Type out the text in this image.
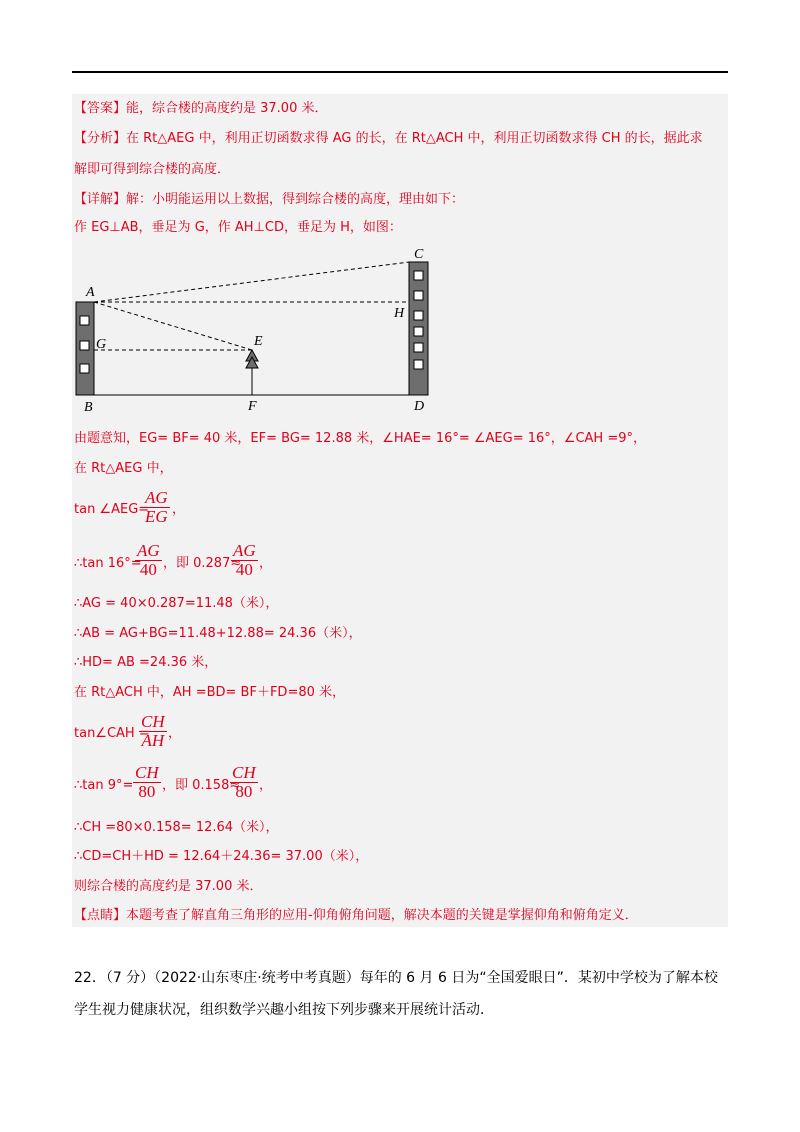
【答案】能，综合楼的高度约是 37.00 米．
【分析】在 Rt△AEG 中，利用正切函数求得 AG 的长，在 Rt△ACH 中，利用正切函数求得 CH 的长，据此求
解即可得到综合楼的高度．
【详解】解：小明能运用以上数据，得到综合楼的高度，理由如下：
作 EG⊥AB，垂足为 G，作 AH⊥CD，垂足为 H，如图：
A
B
C
D
E
F
G
H
由题意知，EG= BF= 40 米，EF= BG= 12.88 米，∠HAE= 16°= ∠AEG= 16°，∠CAH =9°，
在 Rt△AEG 中，
tan ∠AEG=
$\frac{AG}{EG}$ ，
∴tan 16°=
$\frac{AG}{40}$ ，即 0.287≈
$\frac{AG}{40}$ ，
∴AG = 40×0.287=11.48（米），
∴AB = AG+BG=11.48+12.88= 24.36（米），
∴HD= AB =24.36 米，
在 Rt△ACH 中，AH =BD= BF＋FD=80 米，
tan∠CAH =
$\frac{CH}{AH}$ ，
∴tan $9^\circ= \frac{CH}{80}$ ，即 0.158≈
$\frac{CH}{80}$ ，
∴CH =80×0.158= 12.64（米），
∴CD=CH＋HD = 12.64＋24.36= 37.00（米），
则综合楼的高度约是 37.00 米．
【点睛】本题考查了解直角三角形的应用-仰角俯角问题，解决本题的关键是掌握仰角和俯角定义．
22．（7 分）（2022·山东枣庄·统考中考真题）每年的 6 月 6 日为“全国爱眼日”．某初中学校为了解本校
学生视力健康状况，组织数学兴趣小组按下列步骤来开展统计活动．
